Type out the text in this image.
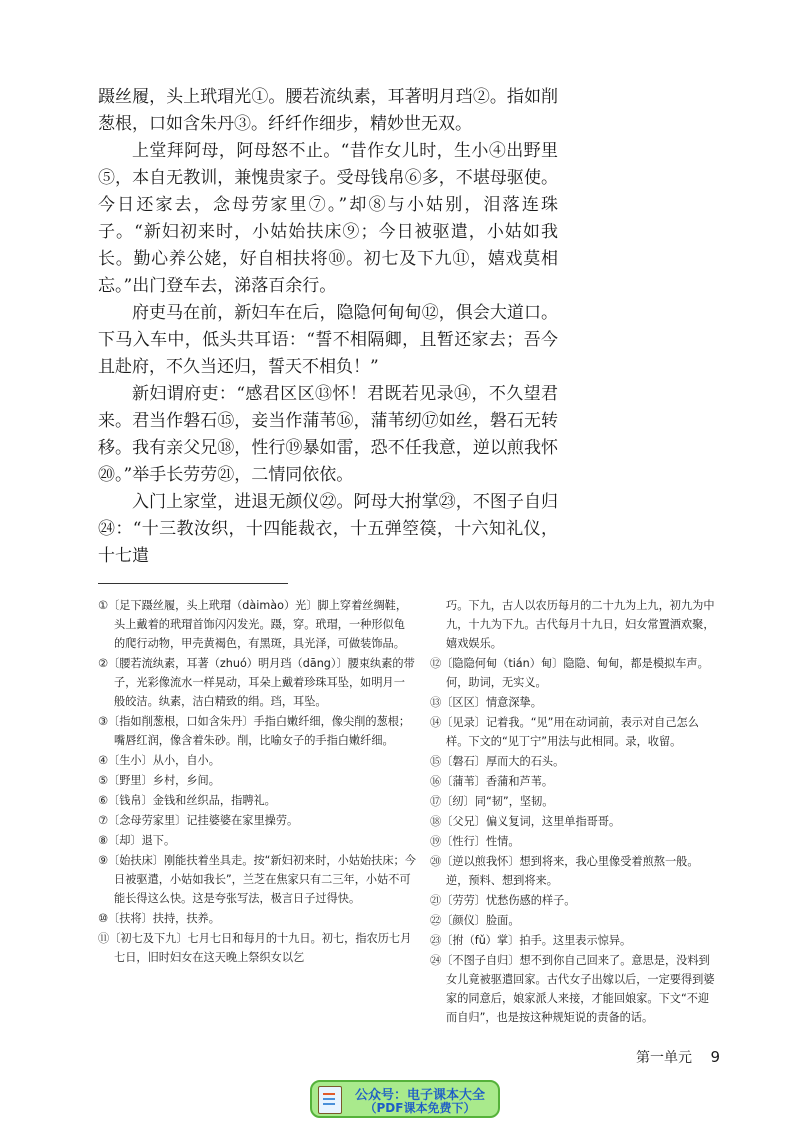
蹑丝履，头上玳瑁光①。腰若流纨素，耳著明月珰②。指如削葱根，口如含朱丹③。纤纤作细步，精妙世无双。

上堂拜阿母，阿母怒不止。“昔作女儿时，生小④出野里⑤，本自无教训，兼愧贵家子。受母钱帛⑥多，不堪母驱使。今日还家去，念母劳家里⑦。”却⑧与小姑别，泪落连珠子。“新妇初来时，小姑始扶床⑨；今日被驱遣，小姑如我长。勤心养公姥，好自相扶将⑩。初七及下九⑪，嬉戏莫相忘。”出门登车去，涕落百余行。

府吏马在前，新妇车在后，隐隐何甸甸⑫，俱会大道口。下马入车中，低头共耳语：“誓不相隔卿，且暂还家去；吾今且赴府，不久当还归，誓天不相负！”

新妇谓府吏：“感君区区⑬怀！君既若见录⑭，不久望君来。君当作磐石⑮，妾当作蒲苇⑯，蒲苇纫⑰如丝，磐石无转移。我有亲父兄⑱，性行⑲暴如雷，恐不任我意，逆以煎我怀⑳。”举手长劳劳㉑，二情同依依。

入门上家堂，进退无颜仪㉒。阿母大拊掌㉓，不图子自归㉔：“十三教汝织，十四能裁衣，十五弹箜篌，十六知礼仪，十七遣

①〔足下蹑丝履，头上玳瑁（dàimào）光〕脚上穿着丝绸鞋，头上戴着的玳瑁首饰闪闪发光。蹑，穿。玳瑁，一种形似龟的爬行动物，甲壳黄褐色，有黑斑，具光泽，可做装饰品。

②〔腰若流纨素，耳著（zhuó）明月珰（dāng）〕腰束纨素的带子，光彩像流水一样晃动，耳朵上戴着珍珠耳坠，如明月一般皎洁。纨素，洁白精致的绢。珰，耳坠。

③〔指如削葱根，口如含朱丹〕手指白嫩纤细，像尖削的葱根；嘴唇红润，像含着朱砂。削，比喻女子的手指白嫩纤细。

④〔生小〕从小，自小。

⑤〔野里〕乡村，乡间。

⑥〔钱帛〕金钱和丝织品，指聘礼。

⑦〔念母劳家里〕记挂婆婆在家里操劳。

⑧〔却〕退下。

⑨〔始扶床〕刚能扶着坐具走。按“新妇初来时，小姑始扶床；今日被驱遣，小姑如我长”，兰芝在焦家只有二三年，小姑不可能长得这么快。这是夸张写法，极言日子过得快。

⑩〔扶将〕扶持，扶养。

⑪〔初七及下九〕七月七日和每月的十九日。初七，指农历七月七日，旧时妇女在这天晚上祭织女以乞

巧。下九，古人以农历每月的二十九为上九，初九为中九，十九为下九。古代每月十九日，妇女常置酒欢聚，嬉戏娱乐。

⑫〔隐隐何甸（tián）甸〕隐隐、甸甸，都是模拟车声。何，助词，无实义。

⑬〔区区〕情意深挚。

⑭〔见录〕记着我。“见”用在动词前，表示对自己怎么样。下文的“见丁宁”用法与此相同。录，收留。

⑮〔磐石〕厚而大的石头。

⑯〔蒲苇〕香蒲和芦苇。

⑰〔纫〕同“韧”，坚韧。

⑱〔父兄〕偏义复词，这里单指哥哥。

⑲〔性行〕性情。

⑳〔逆以煎我怀〕想到将来，我心里像受着煎熬一般。逆，预料、想到将来。

㉑〔劳劳〕忧愁伤感的样子。

㉒〔颜仪〕脸面。

㉓〔拊（fǔ）掌〕拍手。这里表示惊异。

㉔〔不图子自归〕想不到你自己回来了。意思是，没料到女儿竟被驱遣回家。古代女子出嫁以后，一定要得到婆家的同意后，娘家派人来接，才能回娘家。下文“不迎而自归”，也是按这种规矩说的责备的话。

第一单元 9
公众号：电子课本大全
（PDF课本免费下）
